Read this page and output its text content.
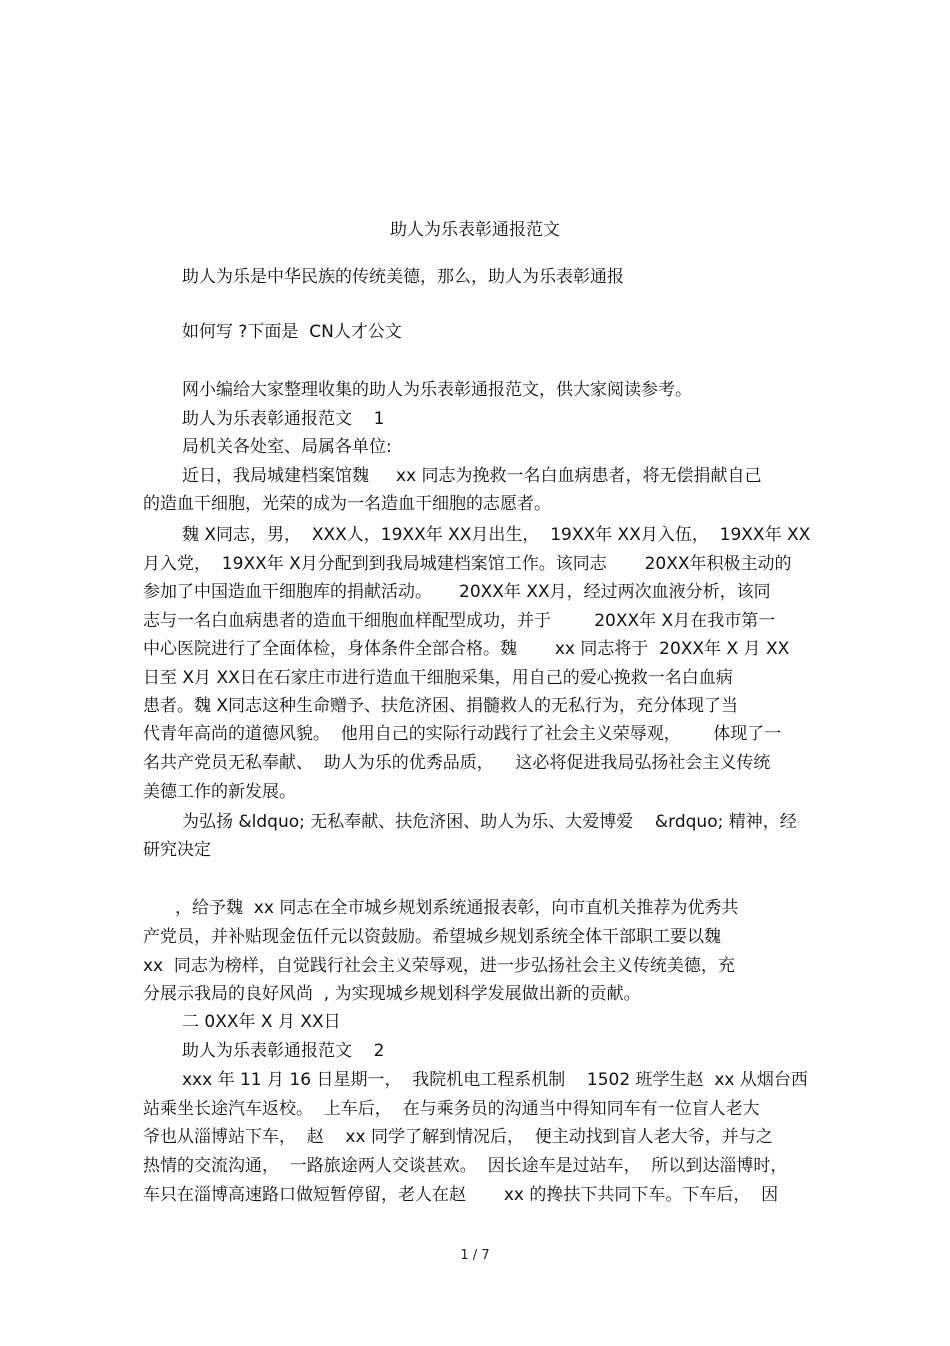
助人为乐表彰通报范文

助人为乐是中华民族的传统美德，那么，助人为乐表彰通报

如何写 ?下面是  CN人才公文

网小编给大家整理收集的助人为乐表彰通报范文，供大家阅读参考。

助人为乐表彰通报范文    1

局机关各处室、局属各单位:

近日，我局城建档案馆魏     xx 同志为挽救一名白血病患者，将无偿捐献自己

的造血干细胞，光荣的成为一名造血干细胞的志愿者。

魏 X同志，男，  XXX人，19XX年 XX月出生，  19XX年 XX月入伍，  19XX年 XX

月入党，  19XX年 X月分配到到我局城建档案馆工作。该同志       20XX年积极主动的

参加了中国造血干细胞库的捐献活动。     20XX年 XX月，经过两次血液分析，该同

志与一名白血病患者的造血干细胞血样配型成功，并于        20XX年 X月在我市第一

中心医院进行了全面体检，身体条件全部合格。魏       xx 同志将于  20XX年 X 月 XX

日至 X月 XX日在石家庄市进行造血干细胞采集，用自己的爱心挽救一名白血病

患者。魏 X同志这种生命赠予、扶危济困、捐髓救人的无私行为，充分体现了当

代青年高尚的道德风貌。  他用自己的实际行动践行了社会主义荣辱观，      体现了一

名共产党员无私奉献、  助人为乐的优秀品质，    这必将促进我局弘扬社会主义传统

美德工作的新发展。

为弘扬 &ldquo; 无私奉献、扶危济困、助人为乐、大爱博爱    &rdquo; 精神，经

研究决定

，给予魏  xx 同志在全市城乡规划系统通报表彰，向市直机关推荐为优秀共

产党员，并补贴现金伍仟元以资鼓励。希望城乡规划系统全体干部职工要以魏

xx  同志为榜样，自觉践行社会主义荣辱观，进一步弘扬社会主义传统美德，充

分展示我局的良好风尚  , 为实现城乡规划科学发展做出新的贡献。

二 0XX年 X 月 XX日

助人为乐表彰通报范文    2

xxx 年 11 月 16 日星期一，  我院机电工程系机制    1502 班学生赵  xx 从烟台西

站乘坐长途汽车返校。  上车后，  在与乘务员的沟通当中得知同车有一位盲人老大

爷也从淄博站下车，  赵    xx 同学了解到情况后，  便主动找到盲人老大爷，并与之

热情的交流沟通，  一路旅途两人交谈甚欢。  因长途车是过站车，  所以到达淄博时，

车只在淄博高速路口做短暂停留，老人在赵       xx 的搀扶下共同下车。下车后，  因

1 / 7
